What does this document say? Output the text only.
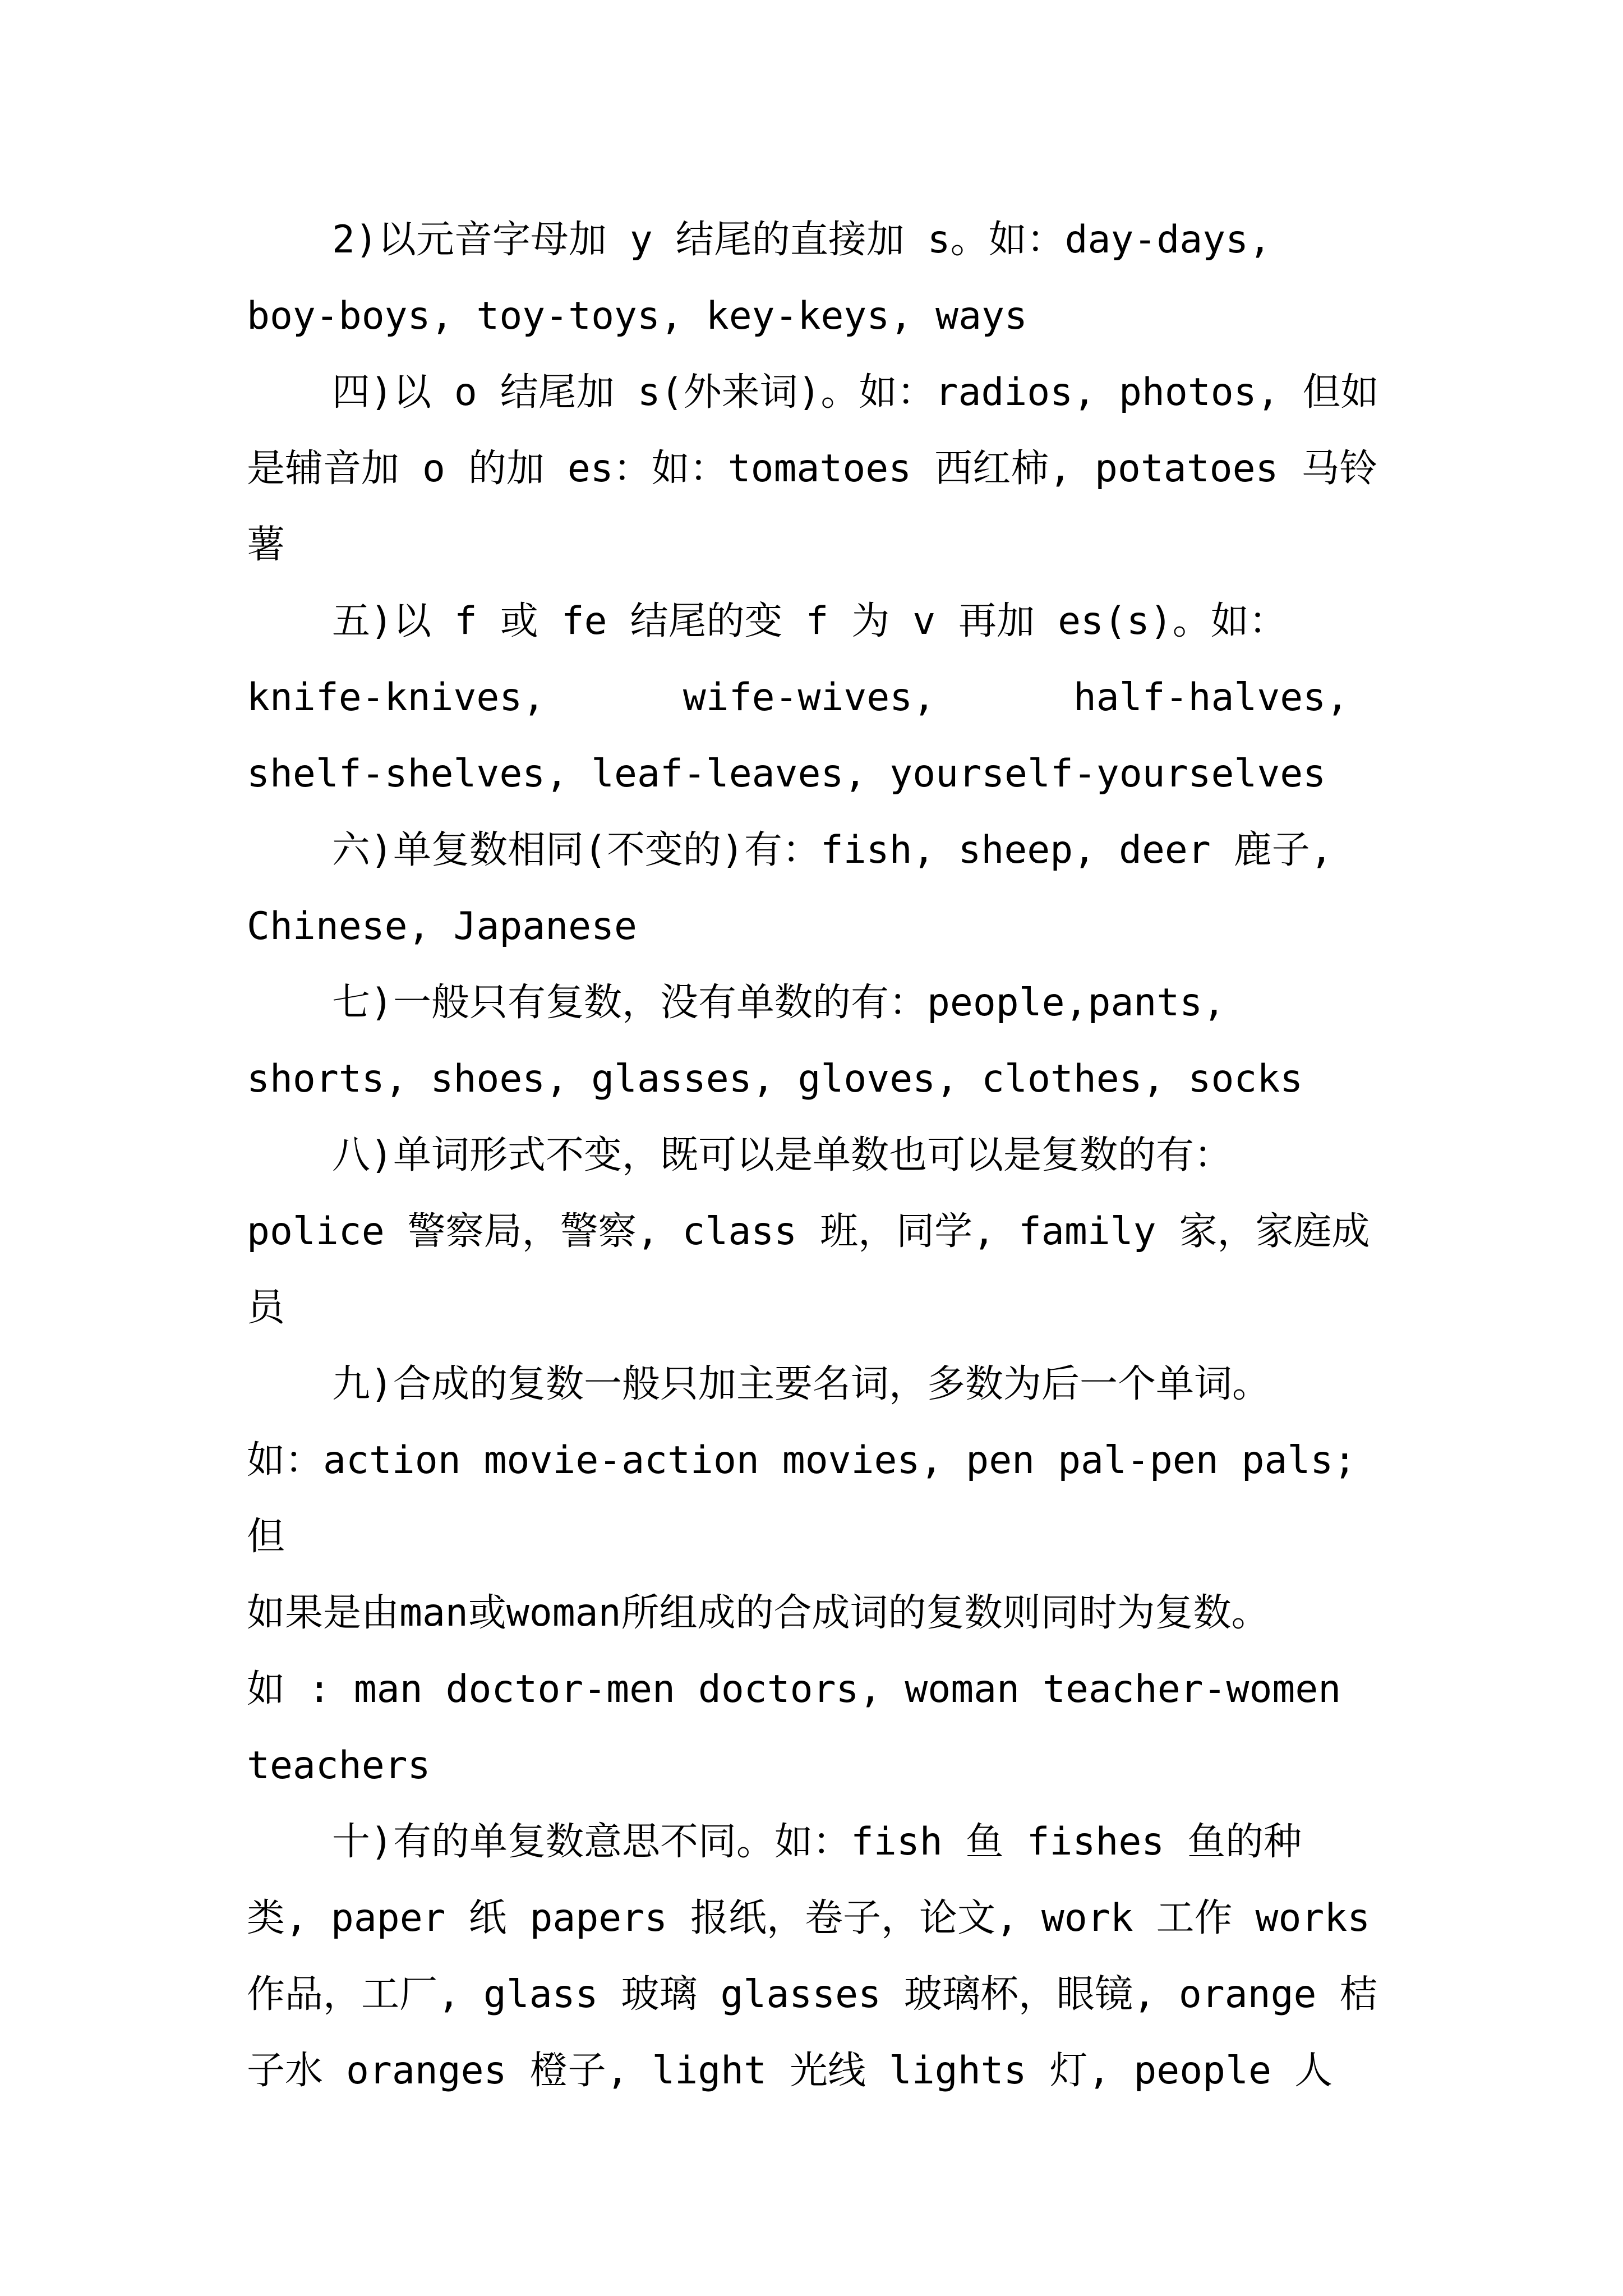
2)以元音字母加 y 结尾的直接加 s。如：day-days,
boy-boys, toy-toys, key-keys, ways
四)以 o 结尾加 s(外来词)。如：radios, photos, 但如
是辅音加 o 的加 es：如：tomatoes 西红柿, potatoes 马铃
薯
五)以 f 或 fe 结尾的变 f 为 v 再加 es(s)。如：
knife-knives,      wife-wives,      half-halves,
shelf-shelves, leaf-leaves, yourself-yourselves
六)单复数相同(不变的)有：fish, sheep, deer 鹿子,
Chinese, Japanese
七)一般只有复数，没有单数的有：people,pants,
shorts, shoes, glasses, gloves, clothes, socks
八)单词形式不变，既可以是单数也可以是复数的有：
police 警察局，警察, class 班，同学, family 家，家庭成
员
九)合成的复数一般只加主要名词，多数为后一个单词。
如：action movie-action movies, pen pal-pen pals; 但
如果是由man或woman所组成的合成词的复数则同时为复数。
如 : man doctor-men doctors, woman teacher-women
teachers
十)有的单复数意思不同。如：fish 鱼 fishes 鱼的种
类, paper 纸 papers 报纸，卷子，论文, work 工作 works
作品，工厂, glass 玻璃 glasses 玻璃杯，眼镜, orange 桔
子水 oranges 橙子, light 光线 lights 灯, people 人
